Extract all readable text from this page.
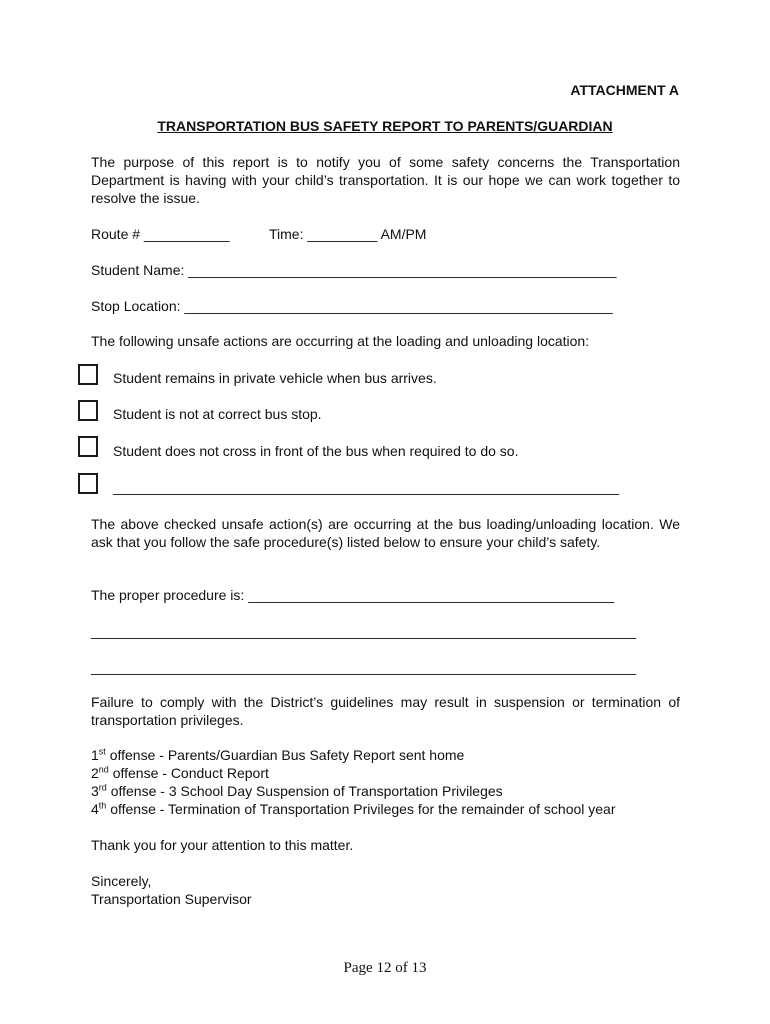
ATTACHMENT A
TRANSPORTATION BUS SAFETY REPORT TO PARENTS/GUARDIAN
The purpose of this report is to notify you of some safety concerns the Transportation Department is having with your child’s transportation. It is our hope we can work together to resolve the issue.
Route # ___________	Time: _________ AM/PM
Student Name: _______________________________________________________
Stop Location: _______________________________________________________
The following unsafe actions are occurring at the loading and unloading location:
Student remains in private vehicle when bus arrives.
Student is not at correct bus stop.
Student does not cross in front of the bus when required to do so.
_________________________________________________________________
The above checked unsafe action(s) are occurring at the bus loading/unloading location. We ask that you follow the safe procedure(s) listed below to ensure your child’s safety.
The proper procedure is: _______________________________________________
______________________________________________________________________
______________________________________________________________________
Failure to comply with the District’s guidelines may result in suspension or termination of transportation privileges.
1st offense - Parents/Guardian Bus Safety Report sent home
2nd offense - Conduct Report
3rd offense - 3 School Day Suspension of Transportation Privileges
4th offense - Termination of Transportation Privileges for the remainder of school year
Thank you for your attention to this matter.
Sincerely,
Transportation Supervisor
Page 12 of 13
